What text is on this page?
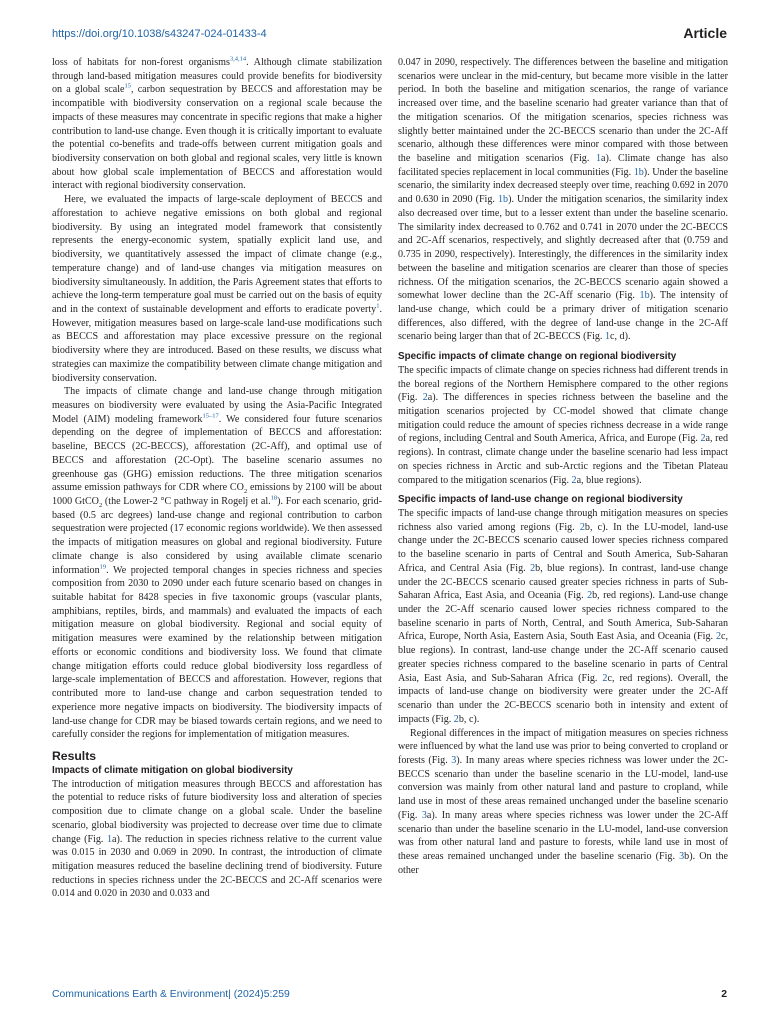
https://doi.org/10.1038/s43247-024-01433-4	Article

loss of habitats for non-forest organisms$^{3,4,14}$. Although climate stabilization through land-based mitigation measures could provide benefits for biodiversity on a global scale$^{15}$, carbon sequestration by BECCS and afforestation may be incompatible with biodiversity conservation on a regional scale because the impacts of these measures may concentrate in specific regions that make a higher contribution to land-use change. Even though it is critically important to evaluate the potential co-benefits and trade-offs between current mitigation goals and biodiversity conservation on both global and regional scales, very little is known about how global scale implementation of BECCS and afforestation would interact with regional biodiversity conservation.

Here, we evaluated the impacts of large-scale deployment of BECCS and afforestation to achieve negative emissions on both global and regional biodiversity. By using an integrated model framework that consistently represents the energy-economic system, spatially explicit land use, and biodiversity, we quantitatively assessed the impact of climate change (e.g., temperature change) and of land-use changes via mitigation measures on biodiversity simultaneously. In addition, the Paris Agreement states that efforts to achieve the long-term temperature goal must be carried out on the basis of equity and in the context of sustainable development and efforts to eradicate poverty$^1$. However, mitigation measures based on large-scale land-use modifications such as BECCS and afforestation may place excessive pressure on the regional biodiversity where they are introduced. Based on these results, we discuss what strategies can maximize the compatibility between climate change mitigation and biodiversity conservation.

The impacts of climate change and land-use change through mitigation measures on biodiversity were evaluated by using the Asia-Pacific Integrated Model (AIM) modeling framework$^{15-17}$. We considered four future scenarios depending on the degree of implementation of BECCS and afforestation: baseline, BECCS (2C-BECCS), afforestation (2C-Aff), and optimal use of BECCS and afforestation (2C-Opt). The baseline scenario assumes no greenhouse gas (GHG) emission reductions. The three mitigation scenarios assume emission pathways for CDR where $CO_2$ emissions by 2100 will be about 1000 GtCO$_2$ (the Lower-2 °C pathway in Rogelj et al.$^{18}$). For each scenario, grid-based (0.5 arc degrees) land-use change and regional contribution to carbon sequestration were projected (17 economic regions worldwide). We then assessed the impacts of mitigation measures on global and regional biodiversity. Future climate change is also considered by using available climate scenario information$^{19}$. We projected temporal changes in species richness and species composition from 2030 to 2090 under each future scenario based on changes in suitable habitat for 8428 species in five taxonomic groups (vascular plants, amphibians, reptiles, birds, and mammals) and evaluated the impacts of each mitigation measure on global biodiversity. Regional and social equity of mitigation measures were examined by the relationship between mitigation efforts or economic conditions and biodiversity loss. We found that climate change mitigation efforts could reduce global biodiversity loss regardless of large-scale implementation of BECCS and afforestation. However, regions that contributed more to land-use change and carbon sequestration tended to experience more negative impacts on biodiversity. The biodiversity impacts of land-use change for CDR may be biased towards certain regions, and we need to carefully consider the regions for implementation of mitigation measures.

Results
Impacts of climate mitigation on global biodiversity

The introduction of mitigation measures through BECCS and afforestation has the potential to reduce risks of future biodiversity loss and alteration of species composition due to climate change on a global scale. Under the baseline scenario, global biodiversity was projected to decrease over time due to climate change (Fig. 1a). The reduction in species richness relative to the current value was 0.015 in 2030 and 0.069 in 2090. In contrast, the introduction of climate mitigation measures reduced the baseline declining trend of biodiversity. Future reductions in species richness under the 2C-BECCS and 2C-Aff scenarios were 0.014 and 0.020 in 2030 and 0.033 and

0.047 in 2090, respectively. The differences between the baseline and mitigation scenarios were unclear in the mid-century, but became more visible in the latter period. In both the baseline and mitigation scenarios, the range of variance increased over time, and the baseline scenario had greater variance than that of the mitigation scenarios. Of the mitigation scenarios, species richness was slightly better maintained under the 2C-BECCS scenario than under the 2C-Aff scenario, although these differences were minor compared with those between the baseline and mitigation scenarios (Fig. 1a). Climate change has also facilitated species replacement in local communities (Fig. 1b). Under the baseline scenario, the similarity index decreased steeply over time, reaching 0.692 in 2070 and 0.630 in 2090 (Fig. 1b). Under the mitigation scenarios, the similarity index also decreased over time, but to a lesser extent than under the baseline scenario. The similarity index decreased to 0.762 and 0.741 in 2070 under the 2C-BECCS and 2C-Aff scenarios, respectively, and slightly decreased after that (0.759 and 0.735 in 2090, respectively). Interestingly, the differences in the similarity index between the baseline and mitigation scenarios are clearer than those of species richness. Of the mitigation scenarios, the 2C-BECCS scenario again showed a somewhat lower decline than the 2C-Aff scenario (Fig. 1b). The intensity of land-use change, which could be a primary driver of mitigation scenario differences, also differed, with the degree of land-use change in the 2C-Aff scenario being larger than that of 2C-BECCS (Fig. 1c, d).

Specific impacts of climate change on regional biodiversity

The specific impacts of climate change on species richness had different trends in the boreal regions of the Northern Hemisphere compared to the other regions (Fig. 2a). The differences in species richness between the baseline and the mitigation scenarios projected by CC-model showed that climate change mitigation could reduce the amount of species richness decrease in a wide range of regions, including Central and South America, Africa, and Europe (Fig. 2a, red regions). In contrast, climate change under the baseline scenario had less impact on species richness in Arctic and sub-Arctic regions and the Tibetan Plateau compared to the mitigation scenarios (Fig. 2a, blue regions).

Specific impacts of land-use change on regional biodiversity

The specific impacts of land-use change through mitigation measures on species richness also varied among regions (Fig. 2b, c). In the LU-model, land-use change under the 2C-BECCS scenario caused lower species richness compared to the baseline scenario in parts of Central and South America, Sub-Saharan Africa, and Central Asia (Fig. 2b, blue regions). In contrast, land-use change under the 2C-BECCS scenario caused greater species richness in parts of Sub-Saharan Africa, East Asia, and Oceania (Fig. 2b, red regions). Land-use change under the 2C-Aff scenario caused lower species richness compared to the baseline scenario in parts of North, Central, and South America, Sub-Saharan Africa, Europe, North Asia, Eastern Asia, South East Asia, and Oceania (Fig. 2c, blue regions). In contrast, land-use change under the 2C-Aff scenario caused greater species richness compared to the baseline scenario in parts of Central Asia, East Asia, and Sub-Saharan Africa (Fig. 2c, red regions). Overall, the impacts of land-use change on biodiversity were greater under the 2C-Aff scenario than under the 2C-BECCS scenario both in intensity and extent of impacts (Fig. 2b, c).

Regional differences in the impact of mitigation measures on species richness were influenced by what the land use was prior to being converted to cropland or forests (Fig. 3). In many areas where species richness was lower under the 2C-BECCS scenario than under the baseline scenario in the LU-model, land-use conversion was mainly from other natural land and pasture to cropland, while land use in most of these areas remained unchanged under the baseline scenario (Fig. 3a). In many areas where species richness was lower under the 2C-Aff scenario than under the baseline scenario in the LU-model, land-use conversion was from other natural land and pasture to forests, while land use in most of these areas remained unchanged under the baseline scenario (Fig. 3b). On the other

Communications Earth & Environment| (2024)5:259	2
